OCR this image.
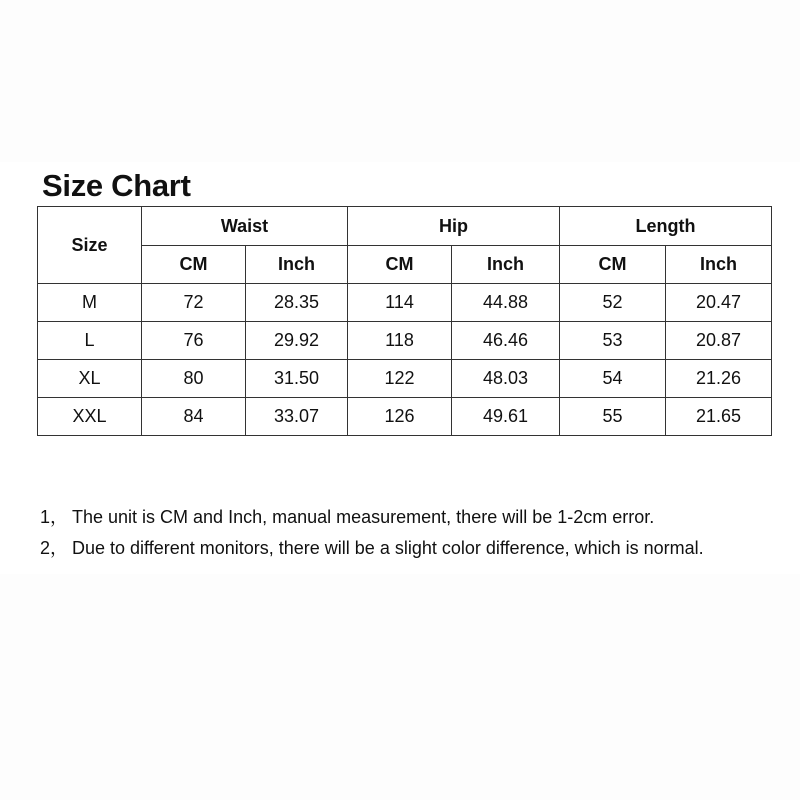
Size Chart
Size	Waist		Hip		Length	
	CM	Inch	CM	Inch	CM	Inch
M	72	28.35	114	44.88	52	20.47
L	76	29.92	118	46.46	53	20.87
XL	80	31.50	122	48.03	54	21.26
XXL	84	33.07	126	49.61	55	21.65
1， The unit is CM and Inch, manual measurement, there will be 1-2cm error.
2， Due to different monitors, there will be a slight color difference, which is normal.
